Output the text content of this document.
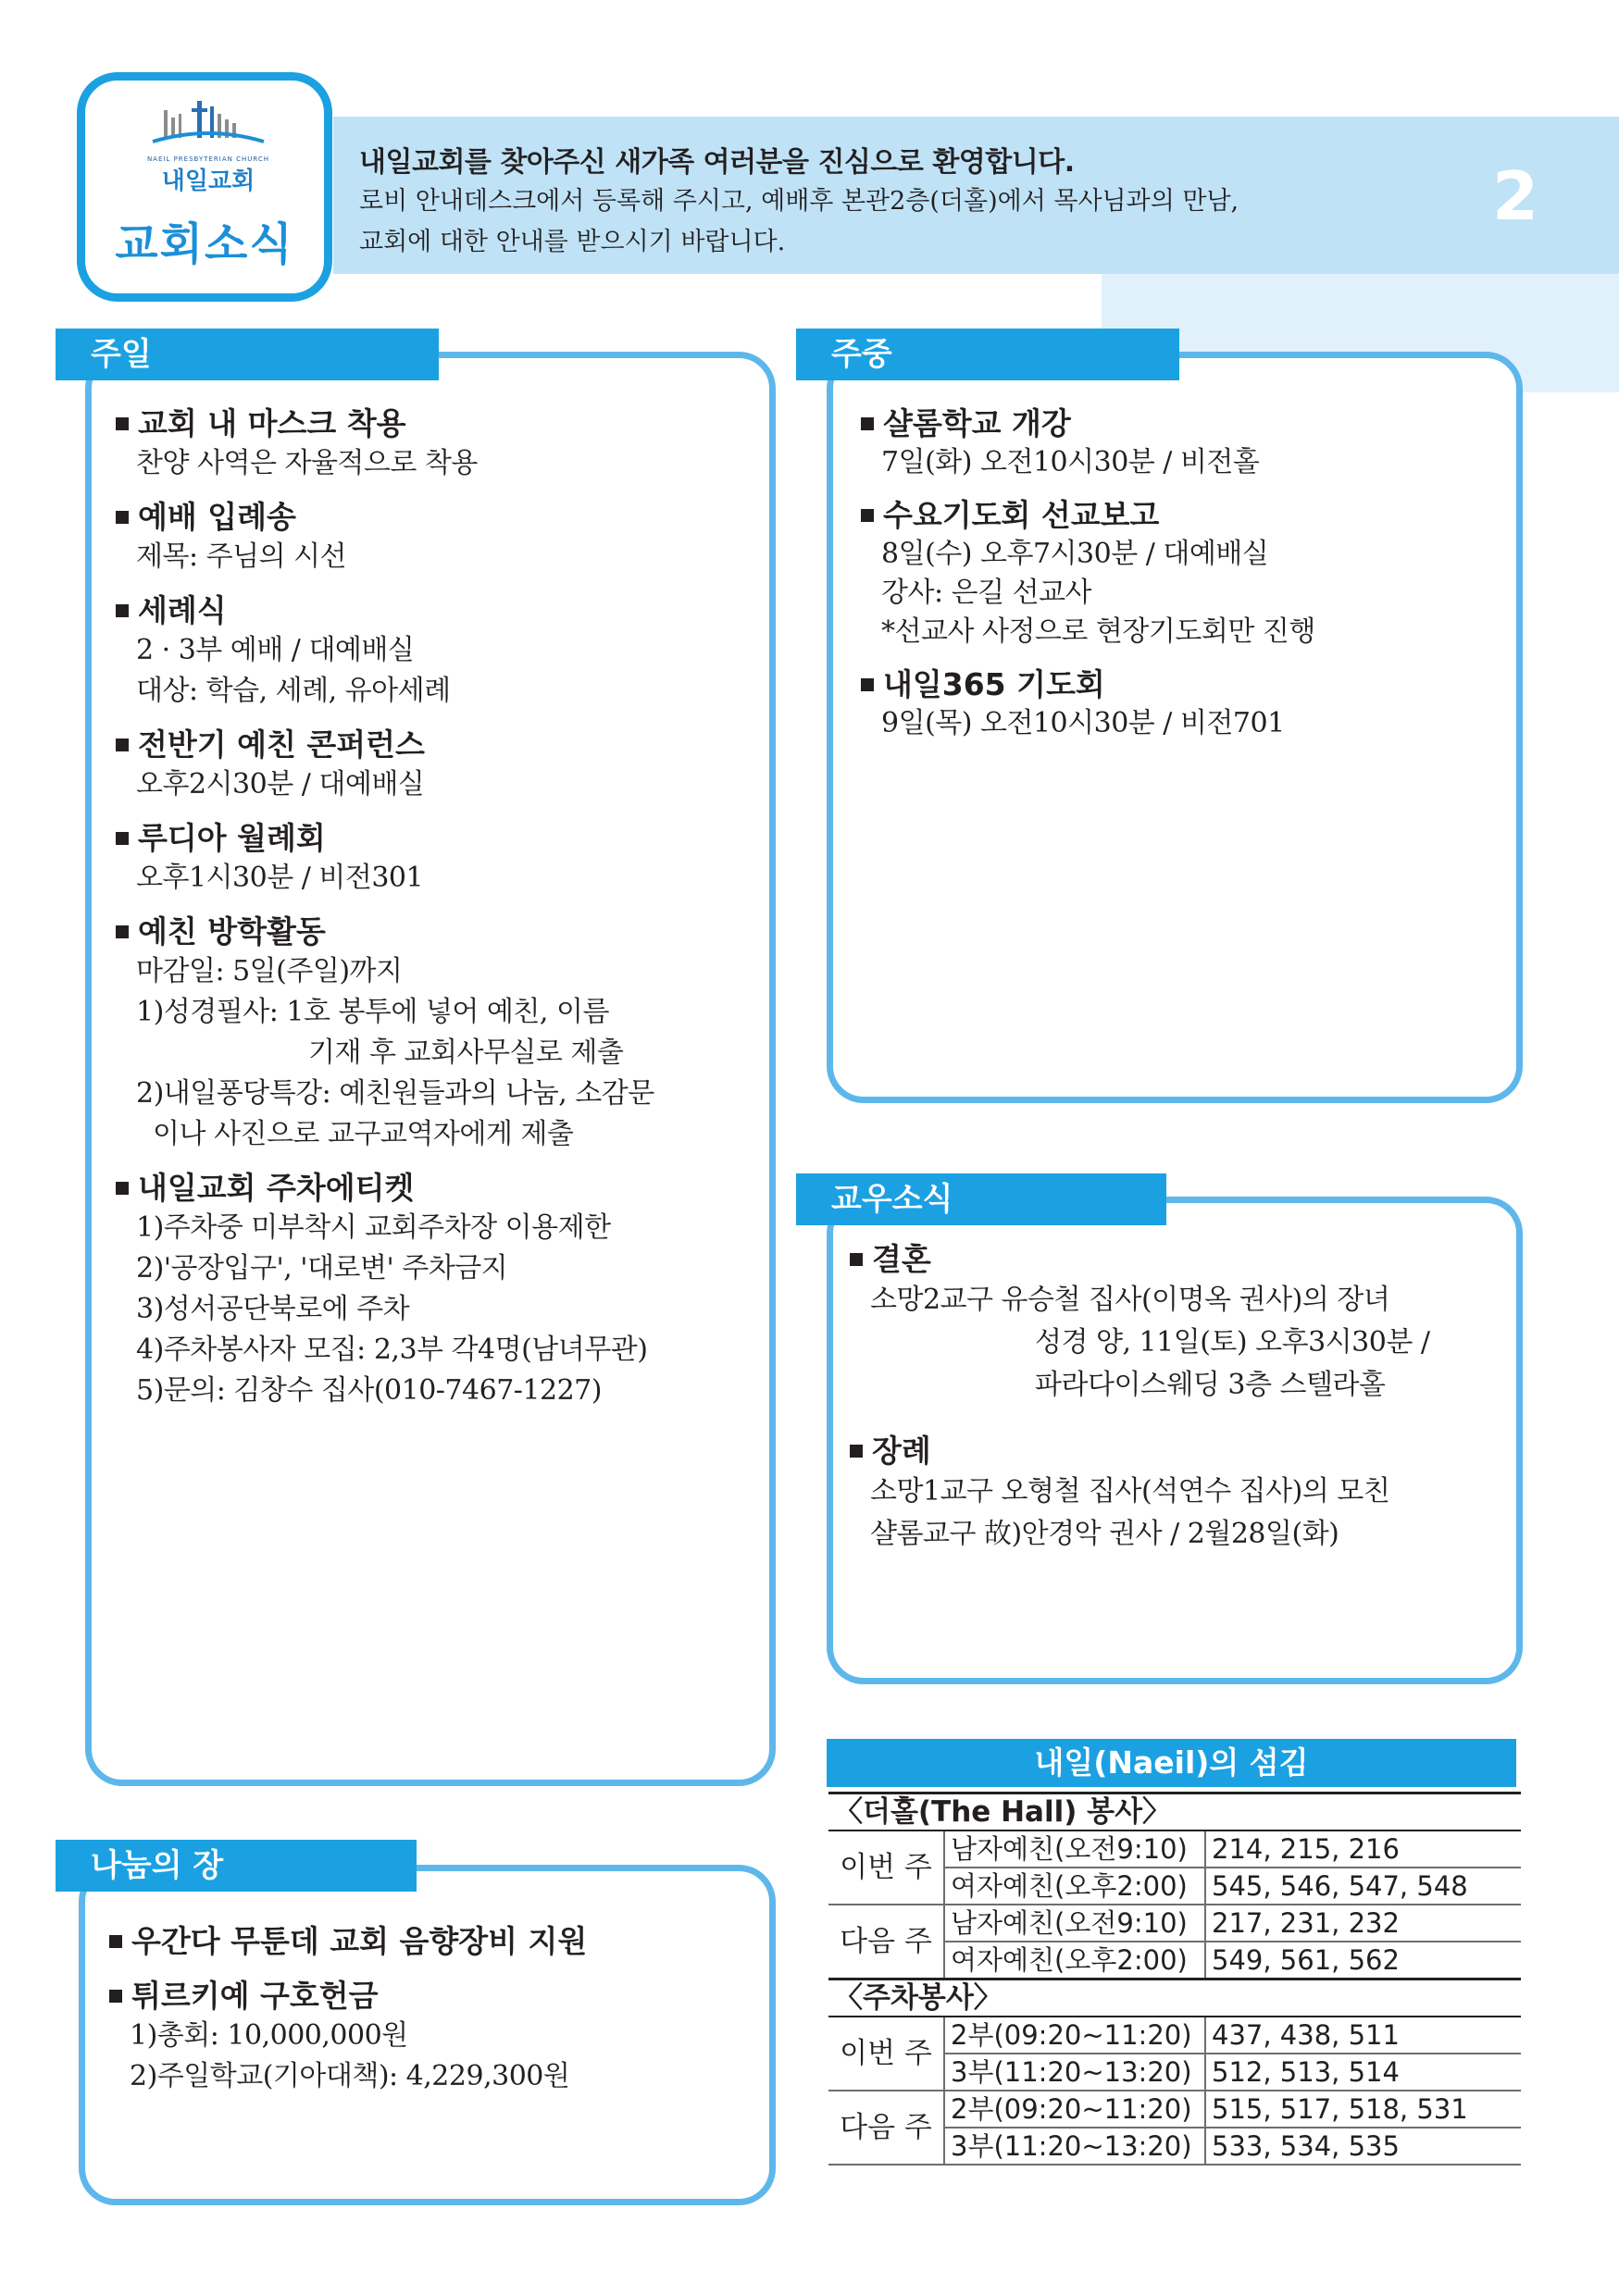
NAEIL PRESBYTERIAN CHURCH
내일교회
교회소식
내일교회를 찾아주신 새가족 여러분을 진심으로 환영합니다.
로비 안내데스크에서 등록해 주시고, 예배후 본관2층(더홀)에서 목사님과의 만남,
교회에 대한 안내를 받으시기 바랍니다.
2
주일
교회 내 마스크 착용
찬양 사역은 자율적으로 착용
예배 입례송
제목: 주님의 시선
세례식
2 · 3부 예배 / 대예배실
대상: 학습, 세례, 유아세례
전반기 예친 콘퍼런스
오후2시30분 / 대예배실
루디아 월례회
오후1시30분 / 비전301
예친 방학활동
마감일: 5일(주일)까지
1)성경필사: 1호 봉투에 넣어 예친, 이름
기재 후 교회사무실로 제출
2)내일퐁당특강: 예친원들과의 나눔, 소감문
이나 사진으로 교구교역자에게 제출
내일교회 주차에티켓
1)주차중 미부착시 교회주차장 이용제한
2)'공장입구', '대로변' 주차금지
3)성서공단북로에 주차
4)주차봉사자 모집: 2,3부 각4명(남녀무관)
5)문의: 김창수 집사(010-7467-1227)
주중
샬롬학교 개강
7일(화) 오전10시30분 / 비전홀
수요기도회 선교보고
8일(수) 오후7시30분 / 대예배실
강사: 은길 선교사
*선교사 사정으로 현장기도회만 진행
내일365 기도회
9일(목) 오전10시30분 / 비전701
교우소식
결혼
소망2교구 유승철 집사(이명옥 권사)의 장녀
성경 양, 11일(토) 오후3시30분 /
파라다이스웨딩 3층 스텔라홀
장례
소망1교구 오형철 집사(석연수 집사)의 모친
샬롬교구 故)안경악 권사 / 2월28일(화)
나눔의 장
우간다 무툰데 교회 음향장비 지원
튀르키예 구호헌금
1)총회: 10,000,000원
2)주일학교(기아대책): 4,229,300원
내일(Naeil)의 섬김
〈더홀(The Hall) 봉사〉		
이번 주	남자예친(오전9:10)	214, 215, 216
	여자예친(오후2:00)	545, 546, 547, 548
다음 주	남자예친(오전9:10)	217, 231, 232
	여자예친(오후2:00)	549, 561, 562
〈주차봉사〉		
이번 주	2부(09:20~11:20)	437, 438, 511
	3부(11:20~13:20)	512, 513, 514
다음 주	2부(09:20~11:20)	515, 517, 518, 531
	3부(11:20~13:20)	533, 534, 535
